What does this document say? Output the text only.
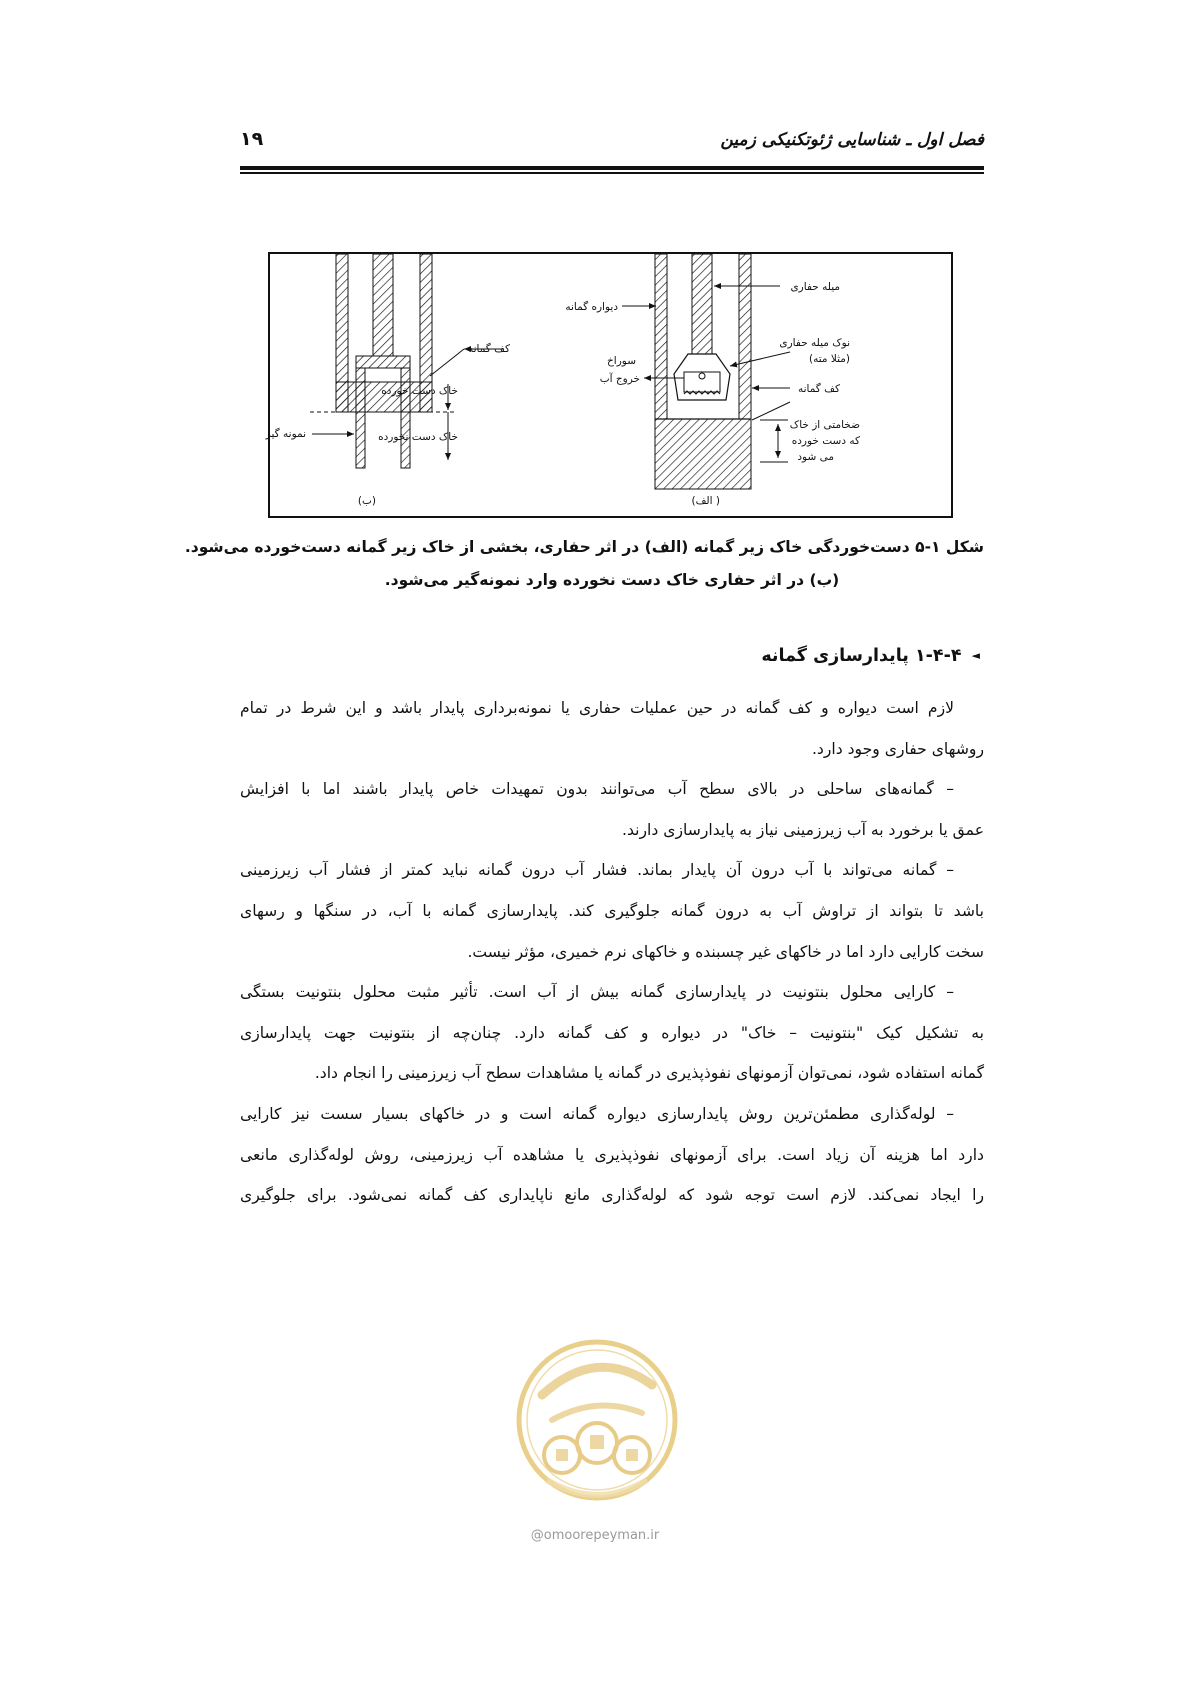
فصل اول ـ شناسایی ژئوتکنیکی زمین
۱۹
کف گمانه
خاک دست خورده
خاک دست نخورده
نمونه گیر
(ب)
میله حفاری
دیواره گمانه
نوک میله حفاری
(مثلا مته)
سوراخ
خروج آب
کف گمانه
ضخامتی از خاک
که دست خورده
می شود
( الف)
شکل ۱-۵ دست‌خوردگی خاک زیر گمانه (الف) در اثر حفاری، بخشی از خاک زیر گمانه دست‌خورده می‌شود.
(ب) در اثر حفاری خاک دست نخورده وارد نمونه‌گیر می‌شود.
◄۱-۴-۴ پایدارسازی گمانه
لازم است دیواره و کف گمانه در حین عملیات حفاری یا نمونه‌برداری پایدار باشد و این شرط در تمام
روشهای حفاری وجود دارد.
– گمانه‌های ساحلی در بالای سطح آب می‌توانند بدون تمهیدات خاص پایدار باشند اما با افزایش
عمق یا برخورد به آب زیرزمینی نیاز به پایدارسازی دارند.
– گمانه می‌تواند با آب درون آن پایدار بماند. فشار آب درون گمانه نباید کمتر از فشار آب زیرزمینی
باشد تا بتواند از تراوش آب به درون گمانه جلوگیری کند. پایدارسازی گمانه با آب، در سنگها و رسهای
سخت کارایی دارد اما در خاکهای غیر چسبنده و خاکهای نرم خمیری، مؤثر نیست.
– کارایی محلول بنتونیت در پایدارسازی گمانه بیش از آب است. تأثیر مثبت محلول بنتونیت بستگی
به تشکیل کیک "بنتونیت – خاک" در دیواره و کف گمانه دارد. چنان‌چه از بنتونیت جهت پایدارسازی
گمانه استفاده شود، نمی‌توان آزمونهای نفوذپذیری در گمانه یا مشاهدات سطح آب زیرزمینی را انجام داد.
– لوله‌گذاری مطمئن‌ترین روش پایدارسازی دیواره گمانه است و در خاکهای بسیار سست نیز کارایی
دارد اما هزینه آن زیاد است. برای آزمونهای نفوذپذیری یا مشاهده آب زیرزمینی، روش لوله‌گذاری مانعی
را ایجاد نمی‌کند. لازم است توجه شود که لوله‌گذاری مانع ناپایداری کف گمانه نمی‌شود. برای جلوگیری
@omoorepeyman.ir
